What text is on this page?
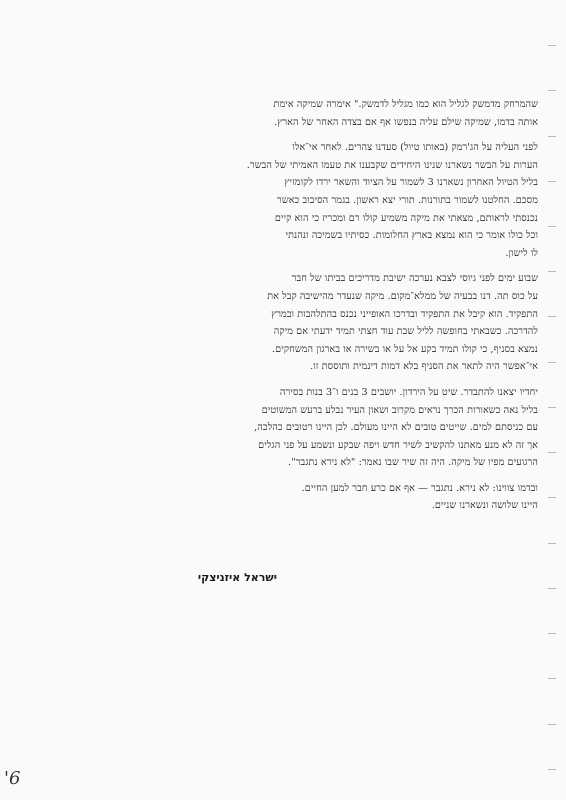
שהמרחק מדמשק לגליל הוא כמו מגליל לדמשק." אימרה שמיקה אימת
אותה בדמו, שמיקה שילם עליה בנפשו אף אם בצדה האחר של הארץ.
לפני העליה על הג'רמק (באותו טיול) סעדנו צהרים. לאחר אי־אלו
הערות על הבשר נשארנו שנינו היחידים שקבענו את טעמו האמיתי של הבשר.
בליל הטיול האחרון נשארנו 3 לשמור על הציוד והשאר ירדו לקומזיץ
מסכם. החלטנו לשמור בתורנות. תורי יצא ראשון. בגמר הסיבוב כאשר
נכנסתי לראותם, מצאתי את מיקה משמיע קולו רם ומכריז כי הוא קיים
וכל כולו אומר כי הוא נמצא בארץ החלומות. כסיתיו בשמיכה ונהנתי
לו לישון.
שבוע ימים לפני גיוסי לצבא נערכה ישיבת מדריכים בביתו של חבר
על כוס תה. דנו בבעיה של ממלא־מקום. מיקה שנעדר מהישיבה קבל את
התפקיד. הוא קיבל את התפקיד ובדרכו האופייני נכנס בהתלהבות ובמרץ
להדרכה. כשבאתי בחופשה לליל שבת עוד חצתי תמיד ידעתי אם מיקה
נמצא בסניף, כי קולו תמיד בקע אל על או בשירה או בארגון המשחקים.
אי־אפשר היה לתאר את הסניף בלא דמות דינמית ותוססת זו.
יחדיו יצאנו להתבדר. שיט על הירדון. יושבים 3 בנים ו־3 בנות בסירה
בליל נאה כשאורות הכרך נראים מקרוב ושאון העיר נבלע ברעש המשוטים
עם כניסתם למים. שייטים טובים לא היינו מעולם. לכן היינו רטובים כהלכה,
אך זה לא מנע מאתנו להקשיב לשיר חדש ויפה שבקע ונשמע על פני הגלים
הרגועים מפיו של מיקה. היה זה שיר שבו נאמר: "לא נירא נתגבר".
ובדמו צווינו: לא נירא. נתגבר — אף אם כרע חבר למען החיים.
היינו שלושה ונשארנו שניים.
ישראל איזניצקי
'6
